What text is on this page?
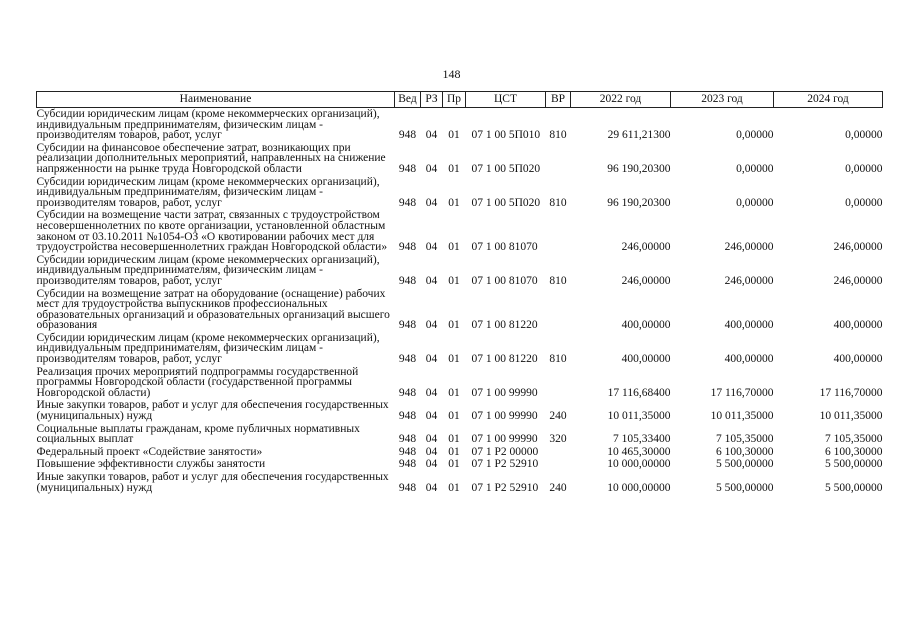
148
Наименование	Вед	РЗ	Пр	ЦСТ	ВР	2022 год	2023 год	2024 год
Субсидии юридическим лицам (кроме некоммерческих организаций), индивидуальным предпринимателям, физическим лицам - производителям товаров, работ, услуг	948	04	01	07 1 00 5П010	810	29 611,21300	0,00000	0,00000
Субсидии на финансовое обеспечение затрат, возникающих при реализации дополнительных мероприятий, направленных на снижение напряженности на рынке труда Новгородской области	948	04	01	07 1 00 5П020		96 190,20300	0,00000	0,00000
Субсидии юридическим лицам (кроме некоммерческих организаций), индивидуальным предпринимателям, физическим лицам - производителям товаров, работ, услуг	948	04	01	07 1 00 5П020	810	96 190,20300	0,00000	0,00000
Субсидии на возмещение части затрат, связанных с трудоустройством несовершеннолетних по квоте организации, установленной областным законом от 03.10.2011 №1054-ОЗ «О квотировании рабочих мест для трудоустройства несовершеннолетних граждан Новгородской области»	948	04	01	07 1 00 81070		246,00000	246,00000	246,00000
Субсидии юридическим лицам (кроме некоммерческих организаций), индивидуальным предпринимателям, физическим лицам - производителям товаров, работ, услуг	948	04	01	07 1 00 81070	810	246,00000	246,00000	246,00000
Субсидии на возмещение затрат на оборудование (оснащение) рабочих мест для трудоустройства выпускников профессиональных образовательных организаций и образовательных организаций высшего образования	948	04	01	07 1 00 81220		400,00000	400,00000	400,00000
Субсидии юридическим лицам (кроме некоммерческих организаций), индивидуальным предпринимателям, физическим лицам - производителям товаров, работ, услуг	948	04	01	07 1 00 81220	810	400,00000	400,00000	400,00000
Реализация прочих мероприятий подпрограммы государственной программы Новгородской области (государственной программы Новгородской области)	948	04	01	07 1 00 99990		17 116,68400	17 116,70000	17 116,70000
Иные закупки товаров, работ и услуг для обеспечения государственных (муниципальных) нужд	948	04	01	07 1 00 99990	240	10 011,35000	10 011,35000	10 011,35000
Социальные выплаты гражданам, кроме публичных нормативных социальных выплат	948	04	01	07 1 00 99990	320	7 105,33400	7 105,35000	7 105,35000
Федеральный проект «Содействие занятости»	948	04	01	07 1 P2 00000		10 465,30000	6 100,30000	6 100,30000
Повышение эффективности службы занятости	948	04	01	07 1 P2 52910		10 000,00000	5 500,00000	5 500,00000
Иные закупки товаров, работ и услуг для обеспечения государственных (муниципальных) нужд	948	04	01	07 1 P2 52910	240	10 000,00000	5 500,00000	5 500,00000
